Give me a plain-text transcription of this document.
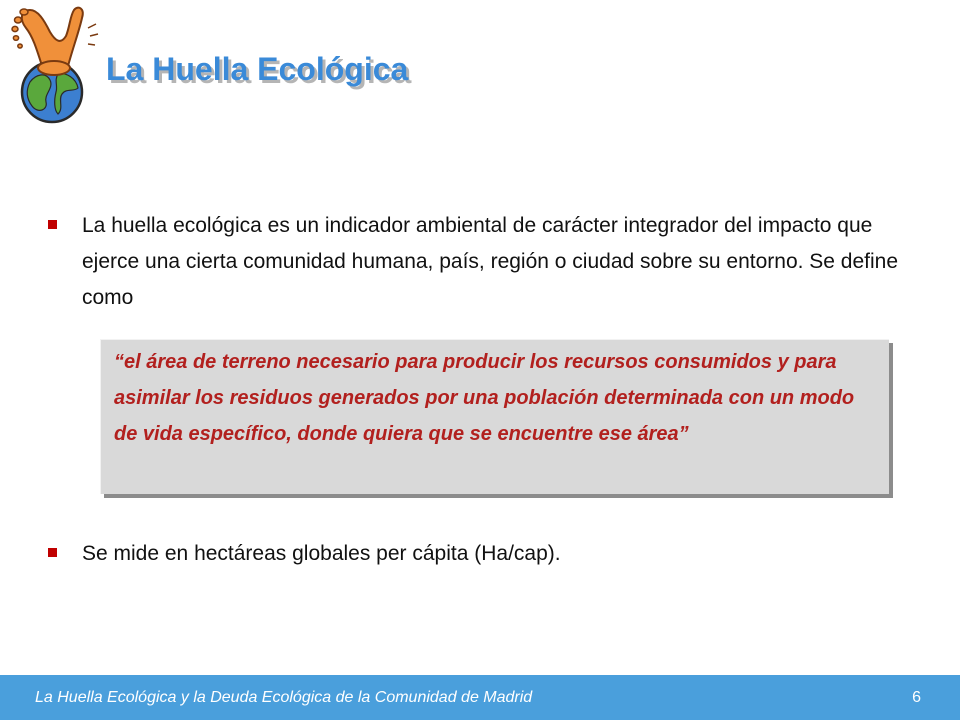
La Huella Ecológica
La huella ecológica es un indicador ambiental de carácter integrador del impacto que ejerce una cierta comunidad humana, país, región o ciudad sobre su entorno. Se define como

“el área de terreno necesario para producir los recursos consumidos y para asimilar los residuos generados por una población determinada con un modo de vida específico, donde quiera que se encuentre ese área”

Se mide en hectáreas globales per cápita (Ha/cap).
La Huella Ecológica y la Deuda Ecológica de la Comunidad de Madrid	6
